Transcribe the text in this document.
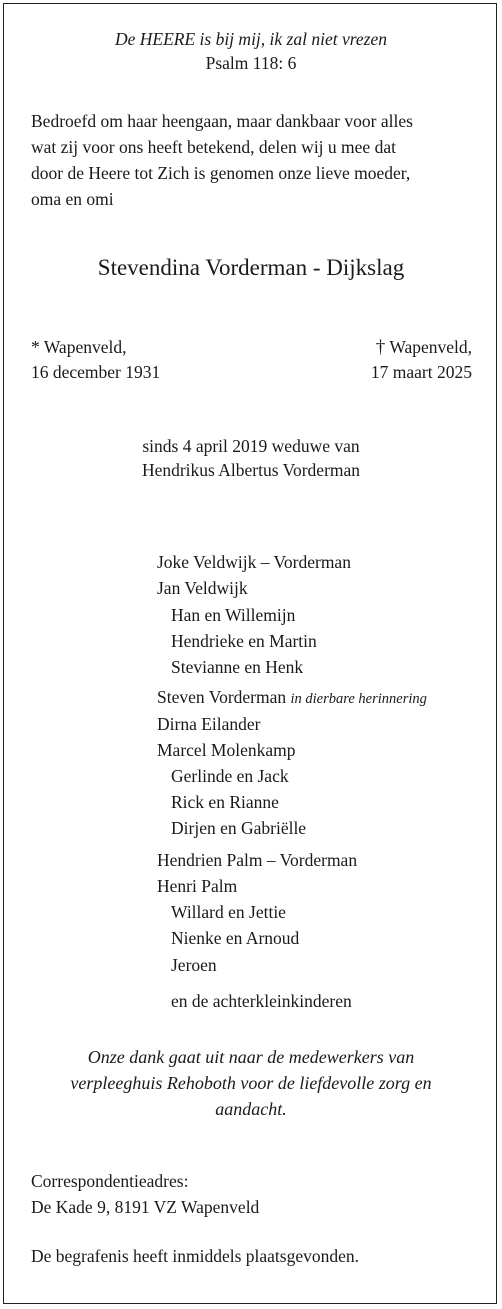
De HEERE is bij mij, ik zal niet vrezen
Psalm 118: 6
Bedroefd om haar heengaan, maar dankbaar voor alles
wat zij voor ons heeft betekend, delen wij u mee dat
door de Heere tot Zich is genomen onze lieve moeder,
oma en omi
Stevendina Vorderman - Dijkslag
* Wapenveld,
16 december 1931
† Wapenveld,
17 maart 2025
sinds 4 april 2019 weduwe van
Hendrikus Albertus Vorderman
Joke Veldwijk – Vorderman
Jan Veldwijk
Han en Willemijn
Hendrieke en Martin
Stevianne en Henk
Steven Vorderman in dierbare herinnering
Dirna Eilander
Marcel Molenkamp
Gerlinde en Jack
Rick en Rianne
Dirjen en Gabriëlle
Hendrien Palm – Vorderman
Henri Palm
Willard en Jettie
Nienke en Arnoud
Jeroen
en de achterkleinkinderen
Onze dank gaat uit naar de medewerkers van
verpleeghuis Rehoboth voor de liefdevolle zorg en
aandacht.
Correspondentieadres:
De Kade 9, 8191 VZ Wapenveld
De begrafenis heeft inmiddels plaatsgevonden.
